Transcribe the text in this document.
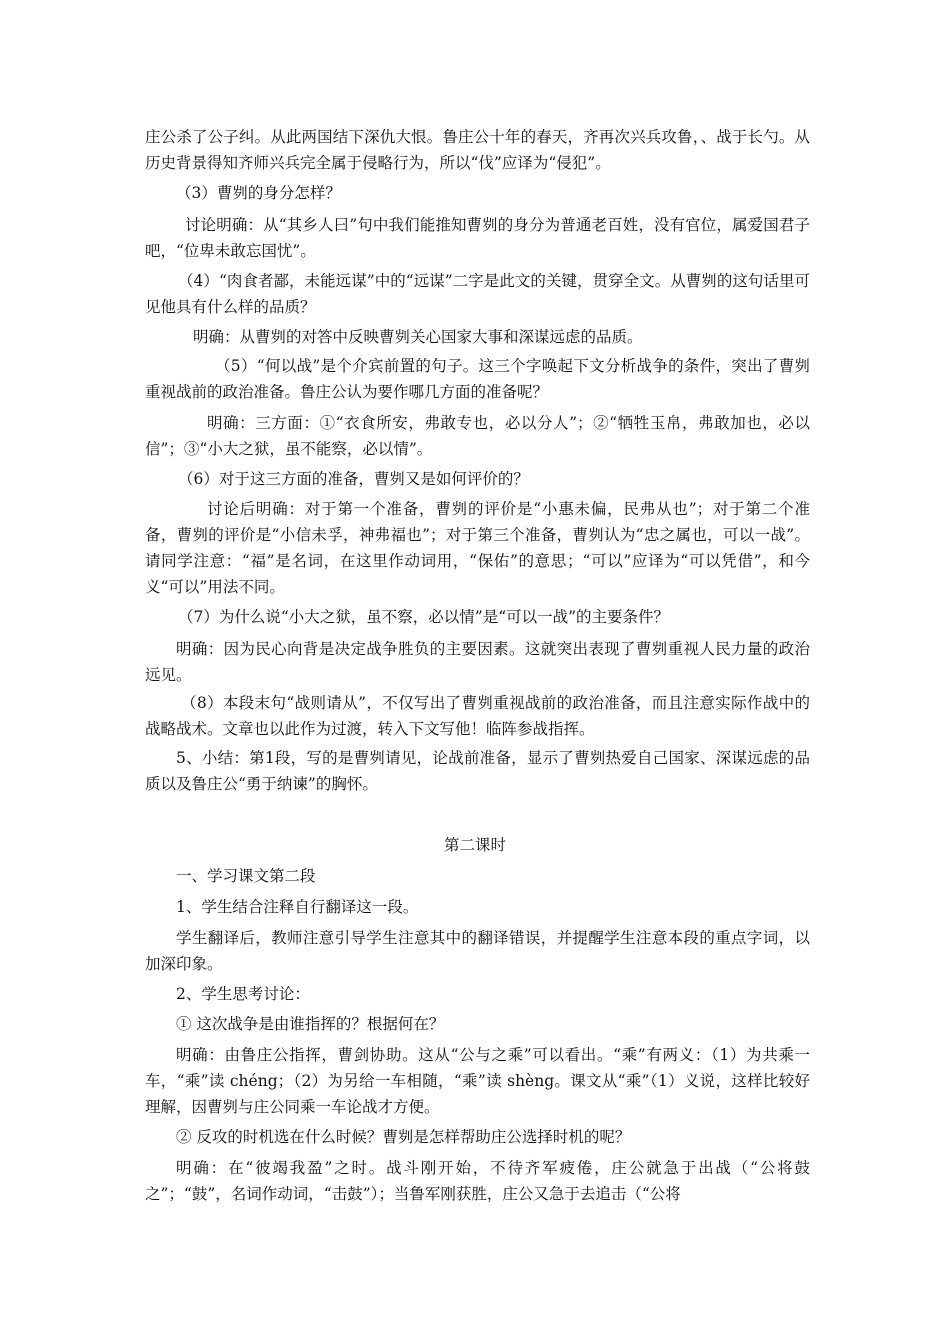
庄公杀了公子纠。从此两国结下深仇大恨。鲁庄公十年的春天，齐再次兴兵攻鲁，、战于长勺。从历史背景得知齐师兴兵完全属于侵略行为，所以“伐”应译为“侵犯”。

（3）曹刿的身分怎样？

讨论明确：从“其乡人曰”句中我们能推知曹刿的身分为普通老百姓，没有官位，属爱国君子吧，“位卑未敢忘国忧”。

（4）“肉食者鄙，未能远谋”中的“远谋”二字是此文的关键，贯穿全文。从曹刿的这句话里可见他具有什么样的品质？

明确：从曹刿的对答中反映曹刿关心国家大事和深谋远虑的品质。

（5）“何以战”是个介宾前置的句子。这三个字唤起下文分析战争的条件，突出了曹刿重视战前的政治准备。鲁庄公认为要作哪几方面的准备呢？

明确：三方面：①“衣食所安，弗敢专也，必以分人”；②“牺牲玉帛，弗敢加也，必以信”；③“小大之狱，虽不能察，必以情”。

（6）对于这三方面的准备，曹刿又是如何评价的？

讨论后明确：对于第一个准备，曹刿的评价是“小惠未偏，民弗从也”；对于第二个准备，曹刿的评价是“小信未孚，神弗福也”；对于第三个准备，曹刿认为“忠之属也，可以一战”。请同学注意：“福”是名词，在这里作动词用，“保佑”的意思；“可以”应译为“可以凭借”，和今义“可以”用法不同。

（7）为什么说“小大之狱，虽不察，必以情”是“可以一战”的主要条件？

明确：因为民心向背是决定战争胜负的主要因素。这就突出表现了曹刿重视人民力量的政治远见。

（8）本段末句“战则请从”，不仅写出了曹刿重视战前的政治准备，而且注意实际作战中的战略战术。文章也以此作为过渡，转入下文写他！临阵参战指挥。

5、小结：第1段，写的是曹刿请见，论战前准备，显示了曹刿热爱自己国家、深谋远虑的品质以及鲁庄公“勇于纳谏”的胸怀。

第二课时

一、学习课文第二段

1、学生结合注释自行翻译这一段。

学生翻译后，教师注意引导学生注意其中的翻译错误，并提醒学生注意本段的重点字词，以加深印象。

2、学生思考讨论：

① 这次战争是由谁指挥的？根据何在？

明确：由鲁庄公指挥，曹剑协助。这从“公与之乘”可以看出。“乘”有两义：（1）为共乘一车，“乘”读 chéng；（2）为另给一车相随，“乘”读 shèng。课文从“乘”（1）义说，这样比较好理解，因曹刿与庄公同乘一车论战才方便。

② 反攻的时机选在什么时候？曹刿是怎样帮助庄公选择时机的呢？

明确：在“彼竭我盈”之时。战斗刚开始，不待齐军疲倦，庄公就急于出战（“公将鼓之”；“鼓”，名词作动词，“击鼓”）；当鲁军刚获胜，庄公又急于去追击（“公将
